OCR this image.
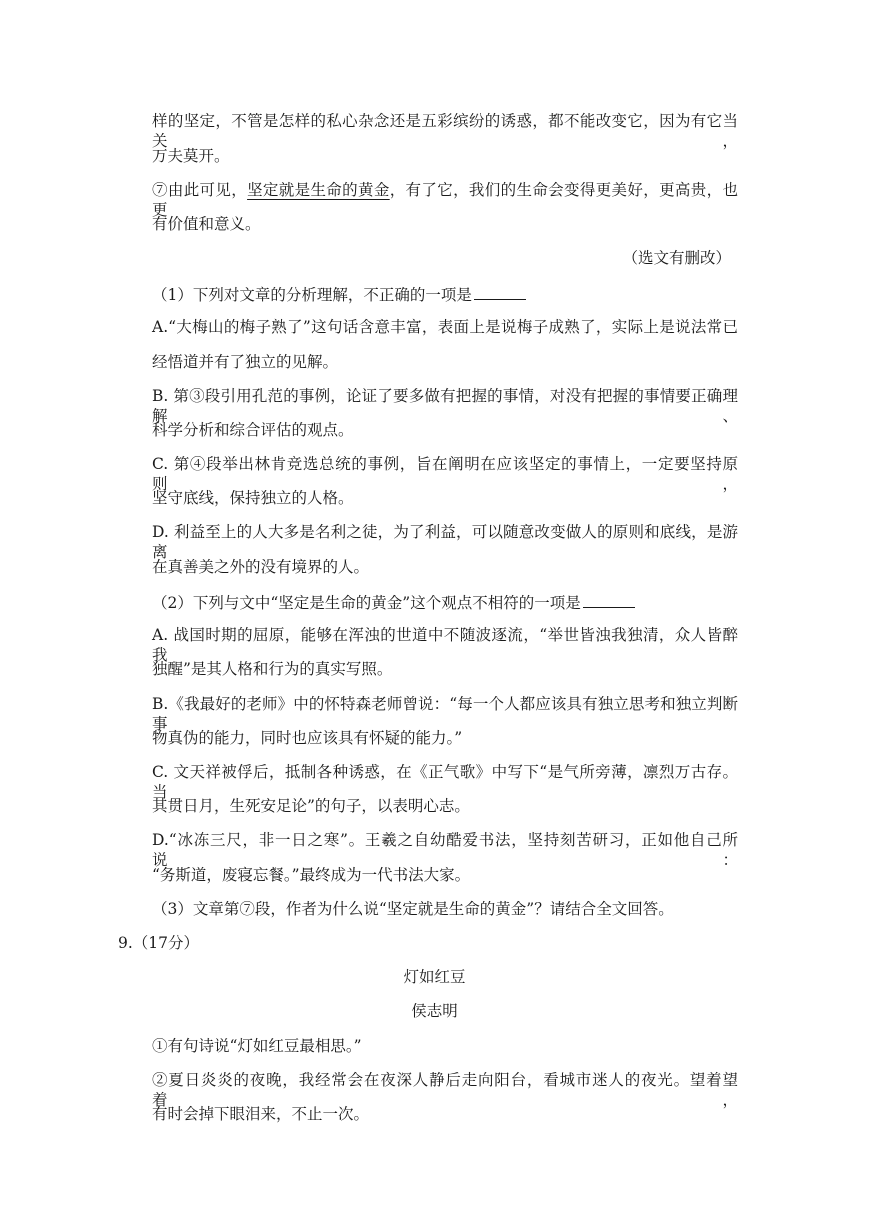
样的坚定，不管是怎样的私心杂念还是五彩缤纷的诱惑，都不能改变它，因为有它当关，
万夫莫开。
⑦由此可见，坚定就是生命的黄金，有了它，我们的生命会变得更美好，更高贵，也更
有价值和意义。
（选文有删改）
（1）下列对文章的分析理解，不正确的一项是
A.“大梅山的梅子熟了”这句话含意丰富，表面上是说梅子成熟了，实际上是说法常已
经悟道并有了独立的见解。
B. 第③段引用孔范的事例，论证了要多做有把握的事情，对没有把握的事情要正确理解、
科学分析和综合评估的观点。
C. 第④段举出林肯竞选总统的事例，旨在阐明在应该坚定的事情上，一定要坚持原则，
坚守底线，保持独立的人格。
D. 利益至上的人大多是名利之徒，为了利益，可以随意改变做人的原则和底线，是游离
在真善美之外的没有境界的人。
（2）下列与文中“坚定是生命的黄金”这个观点不相符的一项是
A. 战国时期的屈原，能够在浑浊的世道中不随波逐流，“举世皆浊我独清，众人皆醉我
独醒”是其人格和行为的真实写照。
B.《我最好的老师》中的怀特森老师曾说：“每一个人都应该具有独立思考和独立判断事
物真伪的能力，同时也应该具有怀疑的能力。”
C. 文天祥被俘后，抵制各种诱惑，在《正气歌》中写下“是气所旁薄，凛烈万古存。当
其贯日月，生死安足论”的句子，以表明心志。
D.“冰冻三尺，非一日之寒”。王羲之自幼酷爱书法，坚持刻苦研习，正如他自己所说：
“务斯道，废寝忘餐。”最终成为一代书法大家。
（3）文章第⑦段，作者为什么说“坚定就是生命的黄金”？请结合全文回答。
9.（17分）
灯如红豆
侯志明
①有句诗说“灯如红豆最相思。”
②夏日炎炎的夜晚，我经常会在夜深人静后走向阳台，看城市迷人的夜光。望着望着，
有时会掉下眼泪来，不止一次。
